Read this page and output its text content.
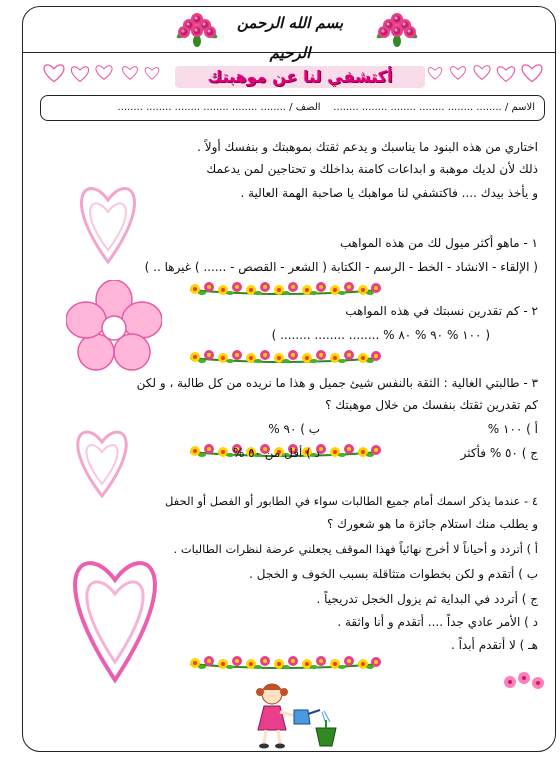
بسم الله الرحمن الرحيم
أكتشفي لنا عن موهبتك
الاسم / ........ ........ ........ ........ ........ ........    الصف / ........ ........ ........ ........ ........ ........
اختاري من هذه البنود ما يناسبك و يدعم ثقتك بموهبتك و بنفسك أولاً .
ذلك لأن لديك موهبة و ابداعات كامنة بداخلك و تحتاجين لمن يدعمك
و يأخذ بيدك .... فاكتشفي لنا مواهبك يا صاحبة الهمة العالية .
١ - ماهو أكثر ميول لك من هذه المواهب
( الإلقاء - الانشاد - الخط - الرسم - الكتابة ( الشعر - القصص - ...... ) غيرها .. )
٢ - كم تقدرين نسبتك في هذه المواهب
( ١٠٠ % ٩٠ % ٨٠ % ........ ........ ........ )
٣ - طالبتي الغالية : الثقة بالنفس شيئ جميل و هذا ما نريده من كل طالبة ، و لكن
كم تقدرين ثقتك بنفسك من خلال موهبتك ؟
أ ) ١٠٠ %
ب ) ٩٠ %
ج ) ٥٠ % فأكثر
د ) أقل من ٥٠ %
٤ - عندما يذكر اسمك أمام جميع الطالبات سواء في الطابور أو الفصل أو الحفل
و يطلب منك استلام جائزة ما هو شعورك ؟
أ ) أتردد و أحياناً لا أخرج نهائياً فهذا الموقف يجعلني عرضة لنظرات الطالبات .
ب ) أتقدم و لكن بخطوات متثاقلة بسبب الخوف و الخجل .
ج ) أتردد في البداية ثم يزول الخجل تدريجياً .
د ) الأمر عادي جداً .... أتقدم و أنا واثقة .
هـ ) لا أتقدم أبداً .
